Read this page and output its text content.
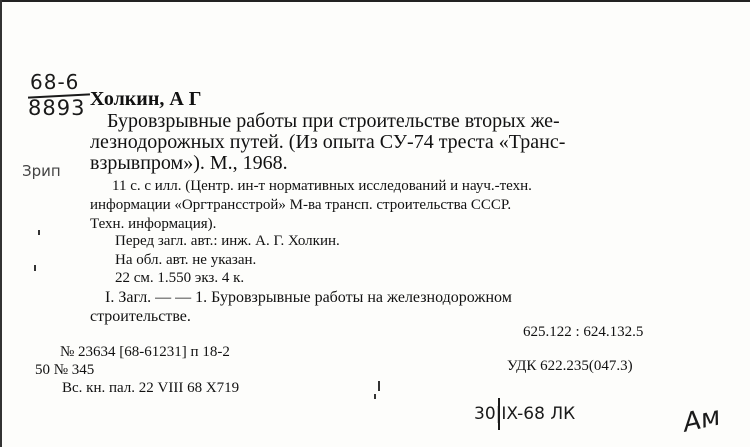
68-6
8893
Зрип
Холкин, А Г
Буровзрывные работы при строительстве вторых же-
лезнодорожных путей. (Из опыта СУ-74 треста «Транс-
взрывпром»). М., 1968.
11 с. с илл. (Центр. ин-т нормативных исследований и науч.-техн.
информации «Оргтрансстрой» М-ва трансп. строительства СССР.
Техн. информация).
Перед загл. авт.: инж. А. Г. Холкин.
На обл. авт. не указан.
22 см. 1.550 экз. 4 к.
I. Загл. — — 1. Буровзрывные работы на железнодорожном
строительстве.
625.122 : 624.132.5
№ 23634 [68-61231] п 18-2
50 № 345	УДК 622.235(047.3)
Вс. кн. пал. 22 VIII 68 X719
30|IX-68 ЛК	Ам
